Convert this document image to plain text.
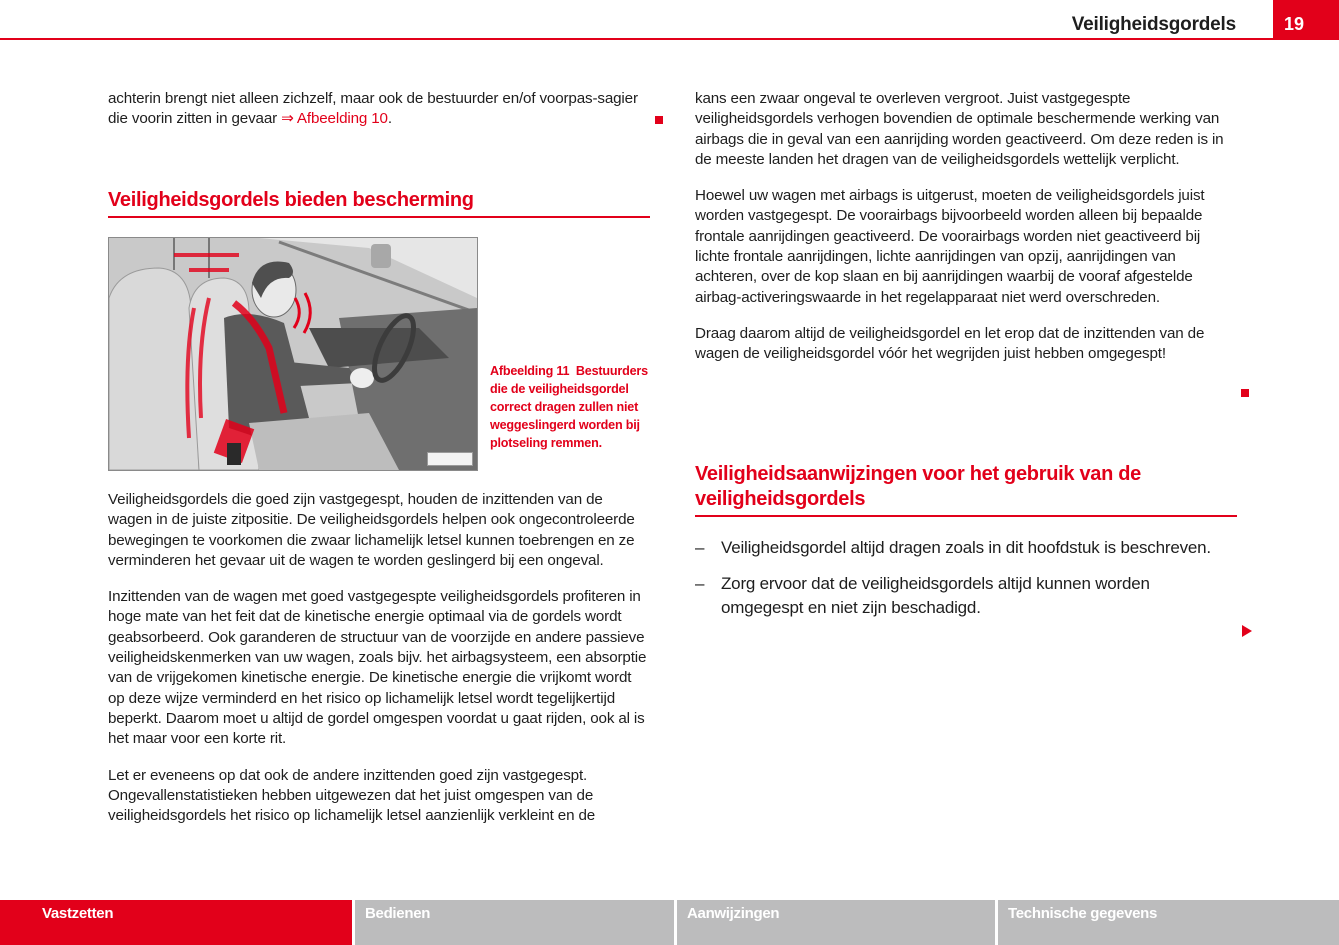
Veiligheidsgordels	19

achterin brengt niet alleen zichzelf, maar ook de bestuurder en/of voorpas-sagier die voorin zitten in gevaar ⇒ Afbeelding 10.

Veiligheidsgordels bieden bescherming
Afbeelding 11 Bestuurders die de veiligheidsgordel correct dragen zullen niet weggeslingerd worden bij plotseling remmen.

Veiligheidsgordels die goed zijn vastgegespt, houden de inzittenden van de wagen in de juiste zitpositie. De veiligheidsgordels helpen ook ongecontroleerde bewegingen te voorkomen die zwaar lichamelijk letsel kunnen toebrengen en ze verminderen het gevaar uit de wagen te worden geslingerd bij een ongeval.

Inzittenden van de wagen met goed vastgegespte veiligheidsgordels profiteren in hoge mate van het feit dat de kinetische energie optimaal via de gordels wordt geabsorbeerd. Ook garanderen de structuur van de voorzijde en andere passieve veiligheidskenmerken van uw wagen, zoals bijv. het airbagsysteem, een absorptie van de vrijgekomen kinetische energie. De kinetische energie die vrijkomt wordt op deze wijze verminderd en het risico op lichamelijk letsel wordt tegelijkertijd beperkt. Daarom moet u altijd de gordel omgespen voordat u gaat rijden, ook al is het maar voor een korte rit.

Let er eveneens op dat ook de andere inzittenden goed zijn vastgegespt. Ongevallenstatistieken hebben uitgewezen dat het juist omgespen van de veiligheidsgordels het risico op lichamelijk letsel aanzienlijk verkleint en de

kans een zwaar ongeval te overleven vergroot. Juist vastgegespte veiligheidsgordels verhogen bovendien de optimale beschermende werking van airbags die in geval van een aanrijding worden geactiveerd. Om deze reden is in de meeste landen het dragen van de veiligheidsgordels wettelijk verplicht.

Hoewel uw wagen met airbags is uitgerust, moeten de veiligheidsgordels juist worden vastgegespt. De voorairbags bijvoorbeeld worden alleen bij bepaalde frontale aanrijdingen geactiveerd. De voorairbags worden niet geactiveerd bij lichte frontale aanrijdingen, lichte aanrijdingen van opzij, aanrijdingen van achteren, over de kop slaan en bij aanrijdingen waarbij de vooraf afgestelde airbag-activeringswaarde in het regelapparaat niet werd overschreden.

Draag daarom altijd de veiligheidsgordel en let erop dat de inzittenden van de wagen de veiligheidsgordel vóór het wegrijden juist hebben omgegespt!

Veiligheidsaanwijzingen voor het gebruik van de veiligheidsgordels
– Veiligheidsgordel altijd dragen zoals in dit hoofdstuk is beschreven.
– Zorg ervoor dat de veiligheidsgordels altijd kunnen worden omgegespt en niet zijn beschadigd.
Vastzetten	Bedienen	Aanwijzingen	Technische gegevens
